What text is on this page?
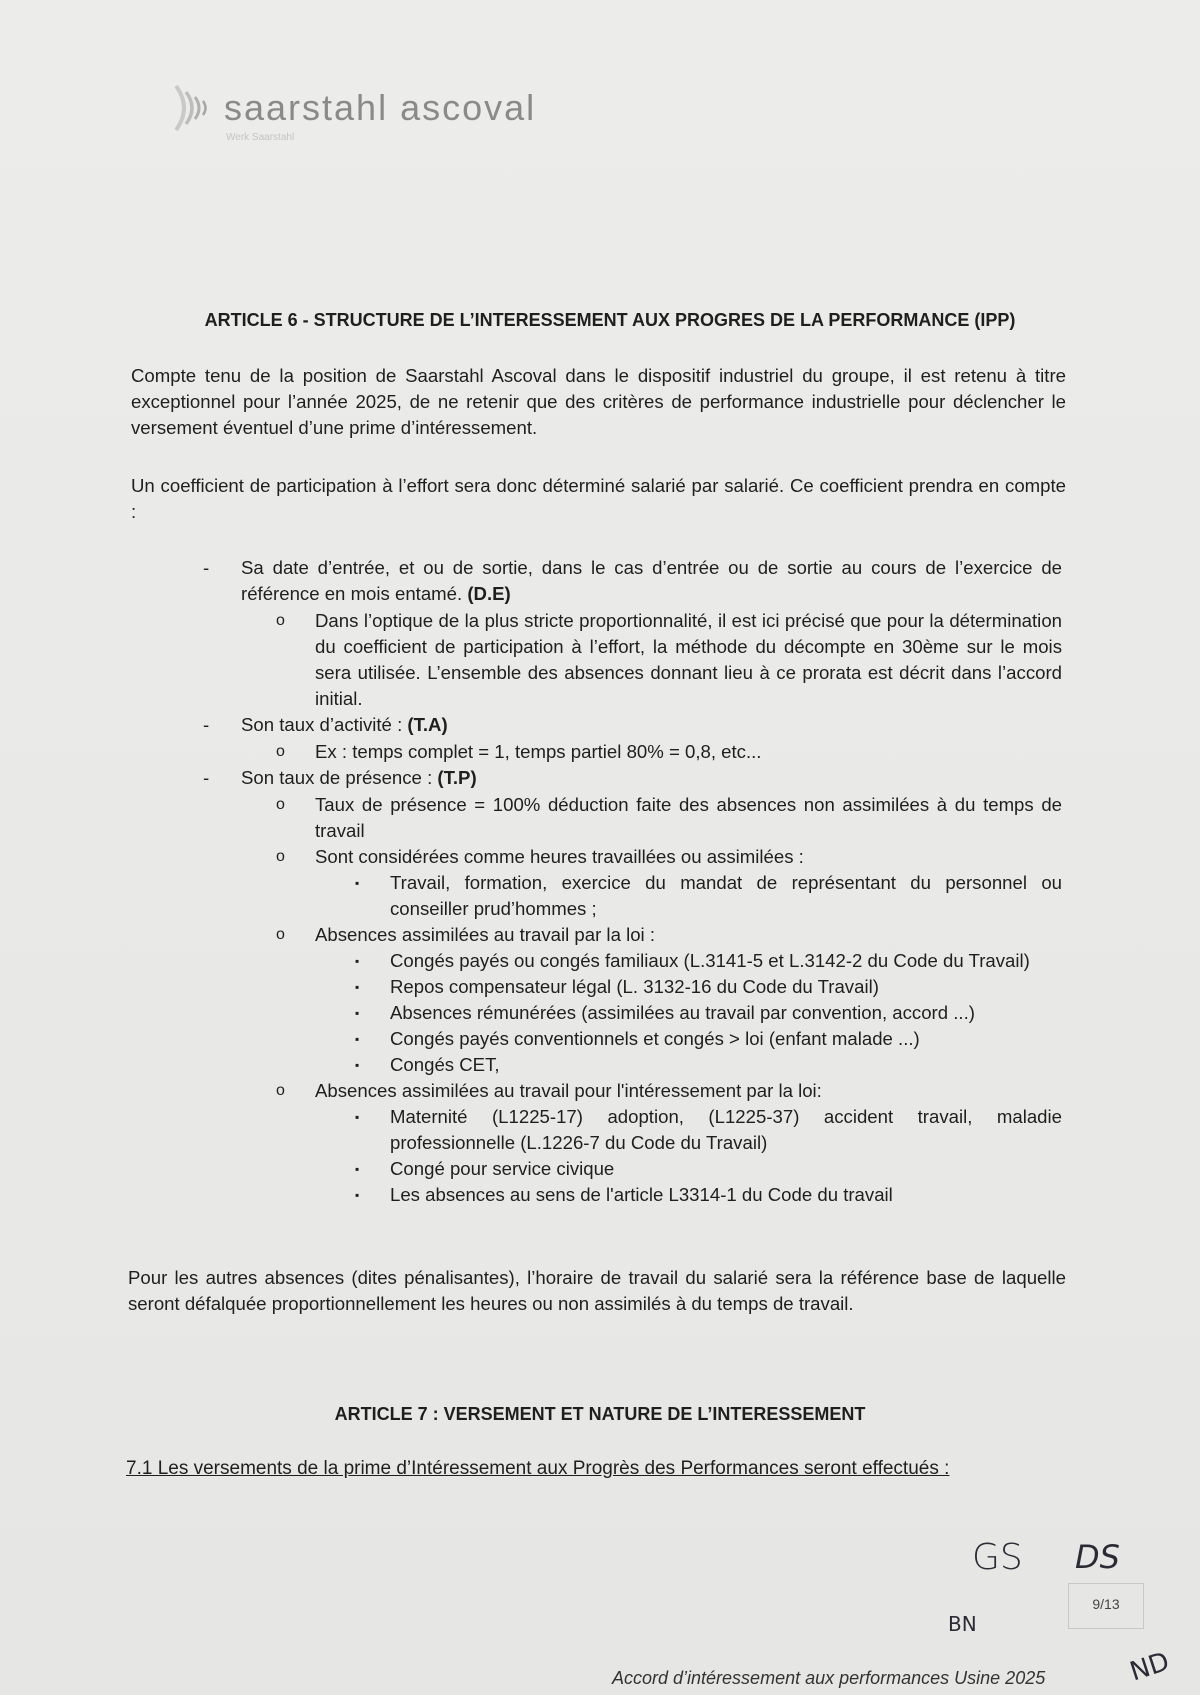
saarstahl ascoval
Werk Saarstahl
ARTICLE 6 - STRUCTURE DE L’INTERESSEMENT AUX PROGRES DE LA PERFORMANCE (IPP)

Compte tenu de la position de Saarstahl Ascoval dans le dispositif industriel du groupe, il est retenu à titre exceptionnel pour l’année 2025, de ne retenir que des critères de performance industrielle pour déclencher le versement éventuel d’une prime d’intéressement.

Un coefficient de participation à l’effort sera donc déterminé salarié par salarié. Ce coefficient prendra en compte :

- Sa date d’entrée, et ou de sortie, dans le cas d’entrée ou de sortie au cours de l’exercice de référence en mois entamé. (D.E)
o Dans l’optique de la plus stricte proportionnalité, il est ici précisé que pour la détermination du coefficient de participation à l’effort, la méthode du décompte en 30ème sur le mois sera utilisée. L’ensemble des absences donnant lieu à ce prorata est décrit dans l’accord initial.
- Son taux d’activité : (T.A)
o Ex : temps complet = 1, temps partiel 80% = 0,8, etc...
- Son taux de présence : (T.P)
o Taux de présence = 100% déduction faite des absences non assimilées à du temps de travail
o Sont considérées comme heures travaillées ou assimilées :
▪ Travail, formation, exercice du mandat de représentant du personnel ou conseiller prud’hommes ;
o Absences assimilées au travail par la loi :
▪ Congés payés ou congés familiaux (L.3141-5 et L.3142-2 du Code du Travail)
▪ Repos compensateur légal (L. 3132-16 du Code du Travail)
▪ Absences rémunérées (assimilées au travail par convention, accord ...)
▪ Congés payés conventionnels et congés > loi (enfant malade ...)
▪ Congés CET,
o Absences assimilées au travail pour l'intéressement par la loi:
▪ Maternité (L1225-17) adoption, (L1225-37) accident travail, maladie professionnelle (L.1226-7 du Code du Travail)
▪ Congé pour service civique
▪ Les absences au sens de l'article L3314-1 du Code du travail

Pour les autres absences (dites pénalisantes), l’horaire de travail du salarié sera la référence base de laquelle seront défalquée proportionnellement les heures ou non assimilés à du temps de travail.

ARTICLE 7 : VERSEMENT ET NATURE DE L’INTERESSEMENT
7.1 Les versements de la prime d’Intéressement aux Progrès des Performances seront effectués :
GS DS
BN
ND
9/13
Accord d’intéressement aux performances Usine 2025
